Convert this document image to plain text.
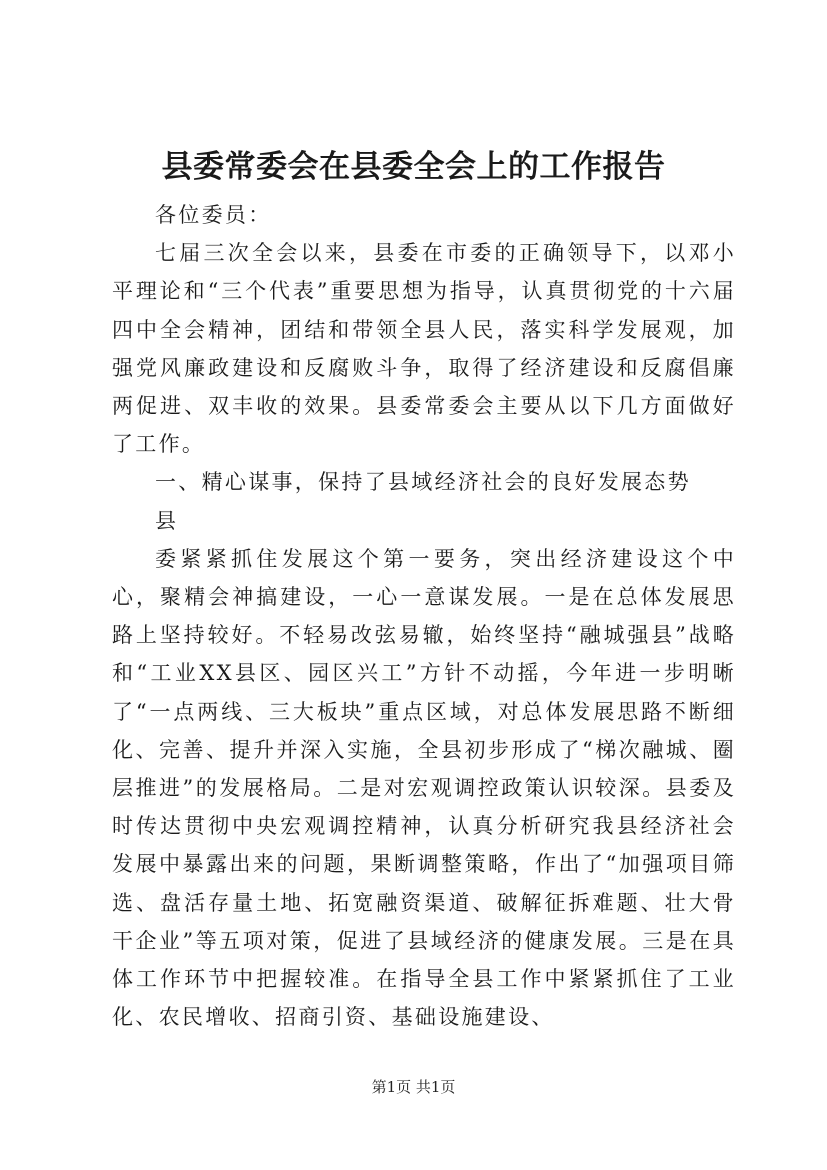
县委常委会在县委全会上的工作报告

各位委员：

七届三次全会以来，县委在市委的正确领导下，以邓小平理论和“三个代表”重要思想为指导，认真贯彻党的十六届四中全会精神，团结和带领全县人民，落实科学发展观，加强党风廉政建设和反腐败斗争，取得了经济建设和反腐倡廉两促进、双丰收的效果。县委常委会主要从以下几方面做好了工作。

一、精心谋事，保持了县域经济社会的良好发展态势

县

委紧紧抓住发展这个第一要务，突出经济建设这个中心，聚精会神搞建设，一心一意谋发展。一是在总体发展思路上坚持较好。不轻易改弦易辙，始终坚持“融城强县”战略和“工业XX县区、园区兴工”方针不动摇，今年进一步明晰了“一点两线、三大板块”重点区域，对总体发展思路不断细化、完善、提升并深入实施，全县初步形成了“梯次融城、圈层推进”的发展格局。二是对宏观调控政策认识较深。县委及时传达贯彻中央宏观调控精神，认真分析研究我县经济社会发展中暴露出来的问题，果断调整策略，作出了“加强项目筛选、盘活存量土地、拓宽融资渠道、破解征拆难题、壮大骨干企业”等五项对策，促进了县域经济的健康发展。三是在具体工作环节中把握较准。在指导全县工作中紧紧抓住了工业化、农民增收、招商引资、基础设施建设、

第1页 共1页
